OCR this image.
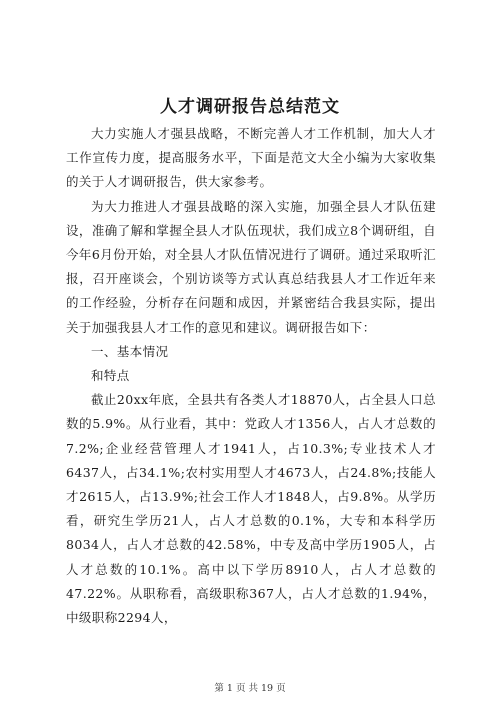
人才调研报告总结范文

大力实施人才强县战略，不断完善人才工作机制，加大人才工作宣传力度，提高服务水平，下面是范文大全小编为大家收集的关于人才调研报告，供大家参考。

为大力推进人才强县战略的深入实施，加强全县人才队伍建设，准确了解和掌握全县人才队伍现状，我们成立8个调研组，自今年6月份开始，对全县人才队伍情况进行了调研。通过采取听汇报，召开座谈会，个别访谈等方式认真总结我县人才工作近年来的工作经验，分析存在问题和成因，并紧密结合我县实际，提出关于加强我县人才工作的意见和建议。调研报告如下：

一、基本情况

和特点

截止20xx年底，全县共有各类人才18870人，占全县人口总数的5.9%。从行业看，其中：党政人才1356人，占人才总数的7.2%;企业经营管理人才1941人，占10.3%;专业技术人才6437人，占34.1%;农村实用型人才4673人，占24.8%;技能人才2615人，占13.9%;社会工作人才1848人，占9.8%。从学历看，研究生学历21人，占人才总数的0.1%，大专和本科学历8034人，占人才总数的42.58%，中专及高中学历1905人，占人才总数的10.1%。高中以下学历8910人，占人才总数的47.22%。从职称看，高级职称367人，占人才总数的1.94%，中级职称2294人，

第 1 页 共 19 页
